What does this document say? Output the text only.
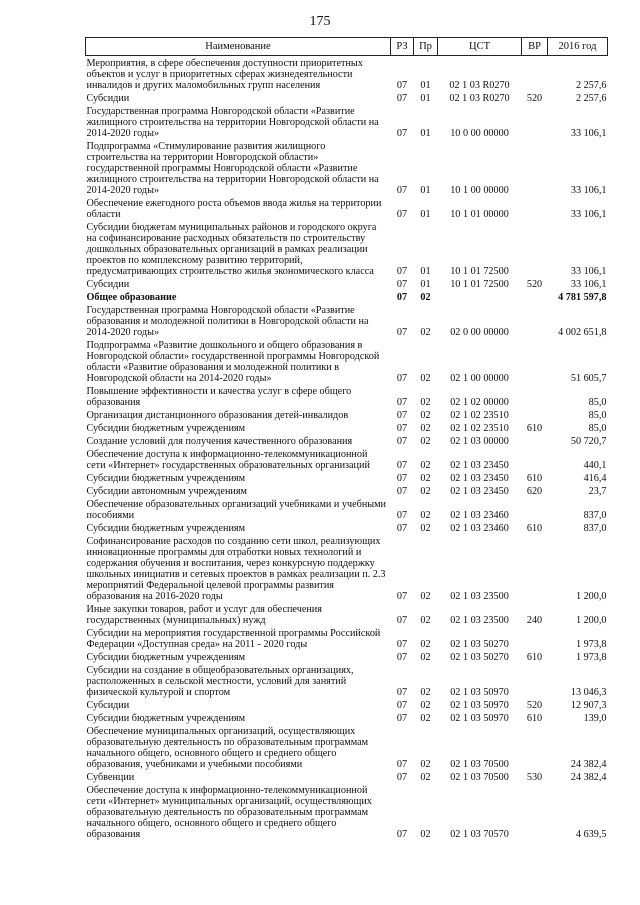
175
Наименование	РЗ	Пр	ЦСТ	ВР	2016 год
Мероприятия, в сфере обеспечения доступности приоритетных объектов и услуг в приоритетных сферах жизнедеятельности инвалидов и других маломобильных групп населения	07	01	02 1 03 R0270		2 257,6
Субсидии	07	01	02 1 03 R0270	520	2 257,6
Государственная программа Новгородской области «Развитие жилищного строительства на территории Новгородской области на 2014-2020 годы»	07	01	10 0 00 00000		33 106,1
Подпрограмма «Стимулирование развития жилищного строительства на территории Новгородской области» государственной программы Новгородской области «Развитие жилищного строительства на территории Новгородской области на 2014-2020 годы»	07	01	10 1 00 00000		33 106,1
Обеспечение ежегодного роста объемов ввода жилья на территории области	07	01	10 1 01 00000		33 106,1
Субсидии бюджетам муниципальных районов и городского округа на софинансирование расходных обязательств по строительству дошкольных образовательных организаций в рамках реализации проектов по комплексному развитию территорий, предусматривающих строительство жилья экономического класса	07	01	10 1 01 72500		33 106,1
Субсидии	07	01	10 1 01 72500	520	33 106,1
Общее образование	07	02			4 781 597,8
Государственная программа Новгородской области «Развитие образования и молодежной политики в Новгородской области на 2014-2020 годы»	07	02	02 0 00 00000		4 002 651,8
Подпрограмма «Развитие дошкольного и общего образования в Новгородской области» государственной программы Новгородской области «Развитие образования и молодежной политики в Новгородской области на 2014-2020 годы»	07	02	02 1 00 00000		51 605,7
Повышение эффективности и качества услуг в сфере общего образования	07	02	02 1 02 00000		85,0
Организация дистанционного образования детей-инвалидов	07	02	02 1 02 23510		85,0
Субсидии бюджетным учреждениям	07	02	02 1 02 23510	610	85,0
Создание условий для получения качественного образования	07	02	02 1 03 00000		50 720,7
Обеспечение доступа к информационно-телекоммуникационной сети «Интернет» государственных образовательных организаций	07	02	02 1 03 23450		440,1
Субсидии бюджетным учреждениям	07	02	02 1 03 23450	610	416,4
Субсидии автономным учреждениям	07	02	02 1 03 23450	620	23,7
Обеспечение образовательных организаций учебниками и учебными пособиями	07	02	02 1 03 23460		837,0
Субсидии бюджетным учреждениям	07	02	02 1 03 23460	610	837,0
Софинансирование расходов по созданию сети школ, реализующих инновационные программы для отработки новых технологий и содержания обучения и воспитания, через конкурсную поддержку школьных инициатив и сетевых проектов в рамках реализации п. 2.3 мероприятий Федеральной целевой программы развития образования на 2016-2020 годы	07	02	02 1 03 23500		1 200,0
Иные закупки товаров, работ и услуг для обеспечения государственных (муниципальных) нужд	07	02	02 1 03 23500	240	1 200,0
Субсидии на мероприятия государственной программы Российской Федерации «Доступная среда» на 2011 - 2020 годы	07	02	02 1 03 50270		1 973,8
Субсидии бюджетным учреждениям	07	02	02 1 03 50270	610	1 973,8
Субсидии на создание в общеобразовательных организациях, расположенных в сельской местности, условий для занятий физической культурой и спортом	07	02	02 1 03 50970		13 046,3
Субсидии	07	02	02 1 03 50970	520	12 907,3
Субсидии бюджетным учреждениям	07	02	02 1 03 50970	610	139,0
Обеспечение муниципальных организаций, осуществляющих образовательную деятельность по образовательным программам начального общего, основного общего и среднего общего образования, учебниками и учебными пособиями	07	02	02 1 03 70500		24 382,4
Субвенции	07	02	02 1 03 70500	530	24 382,4
Обеспечение доступа к информационно-телекоммуникационной сети «Интернет» муниципальных организаций, осуществляющих образовательную деятельность по образовательным программам начального общего, основного общего и среднего общего образования	07	02	02 1 03 70570		4 639,5
